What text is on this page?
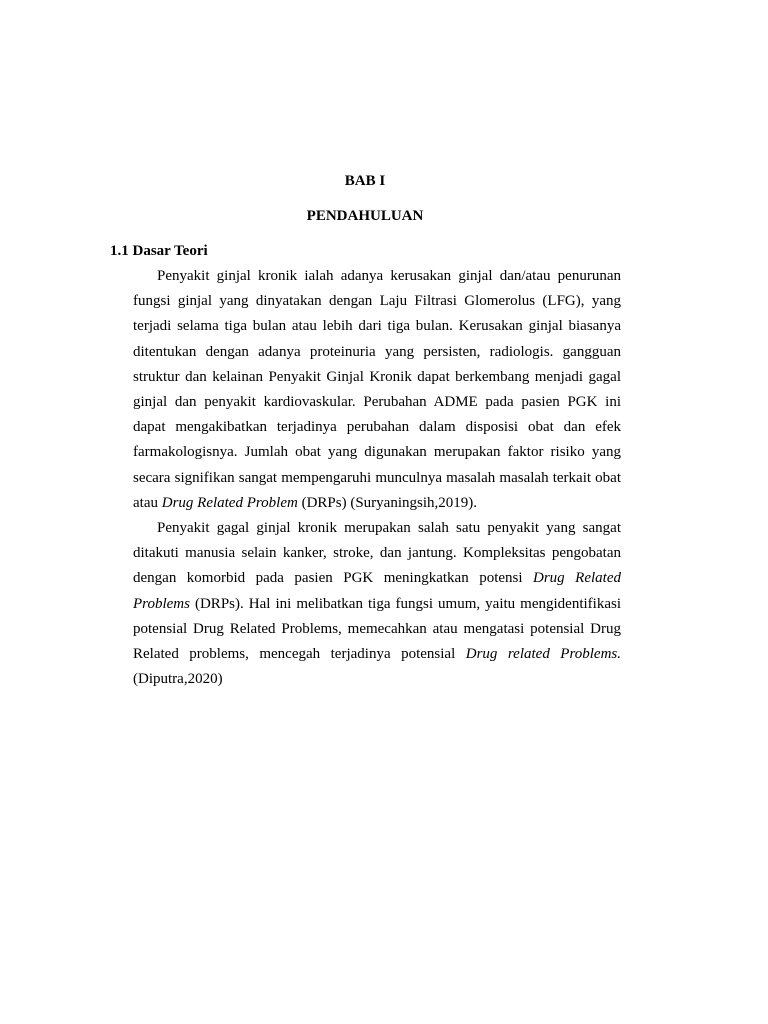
BAB I
PENDAHULUAN
1.1 Dasar Teori

Penyakit ginjal kronik ialah adanya kerusakan ginjal dan/atau penurunan fungsi ginjal yang dinyatakan dengan Laju Filtrasi Glomerolus (LFG), yang terjadi selama tiga bulan atau lebih dari tiga bulan. Kerusakan ginjal biasanya ditentukan dengan adanya proteinuria yang persisten, radiologis. gangguan struktur dan kelainan Penyakit Ginjal Kronik dapat berkembang menjadi gagal ginjal dan penyakit kardiovaskular. Perubahan ADME pada pasien PGK ini dapat mengakibatkan terjadinya perubahan dalam disposisi obat dan efek farmakologisnya. Jumlah obat yang digunakan merupakan faktor risiko yang secara signifikan sangat mempengaruhi munculnya masalah masalah terkait obat atau Drug Related Problem (DRPs) (Suryaningsih,2019).

Penyakit gagal ginjal kronik merupakan salah satu penyakit yang sangat ditakuti manusia selain kanker, stroke, dan jantung. Kompleksitas pengobatan dengan komorbid pada pasien PGK meningkatkan potensi Drug Related Problems (DRPs). Hal ini melibatkan tiga fungsi umum, yaitu mengidentifikasi potensial Drug Related Problems, memecahkan atau mengatasi potensial Drug Related problems, mencegah terjadinya potensial Drug related Problems. (Diputra,2020)
